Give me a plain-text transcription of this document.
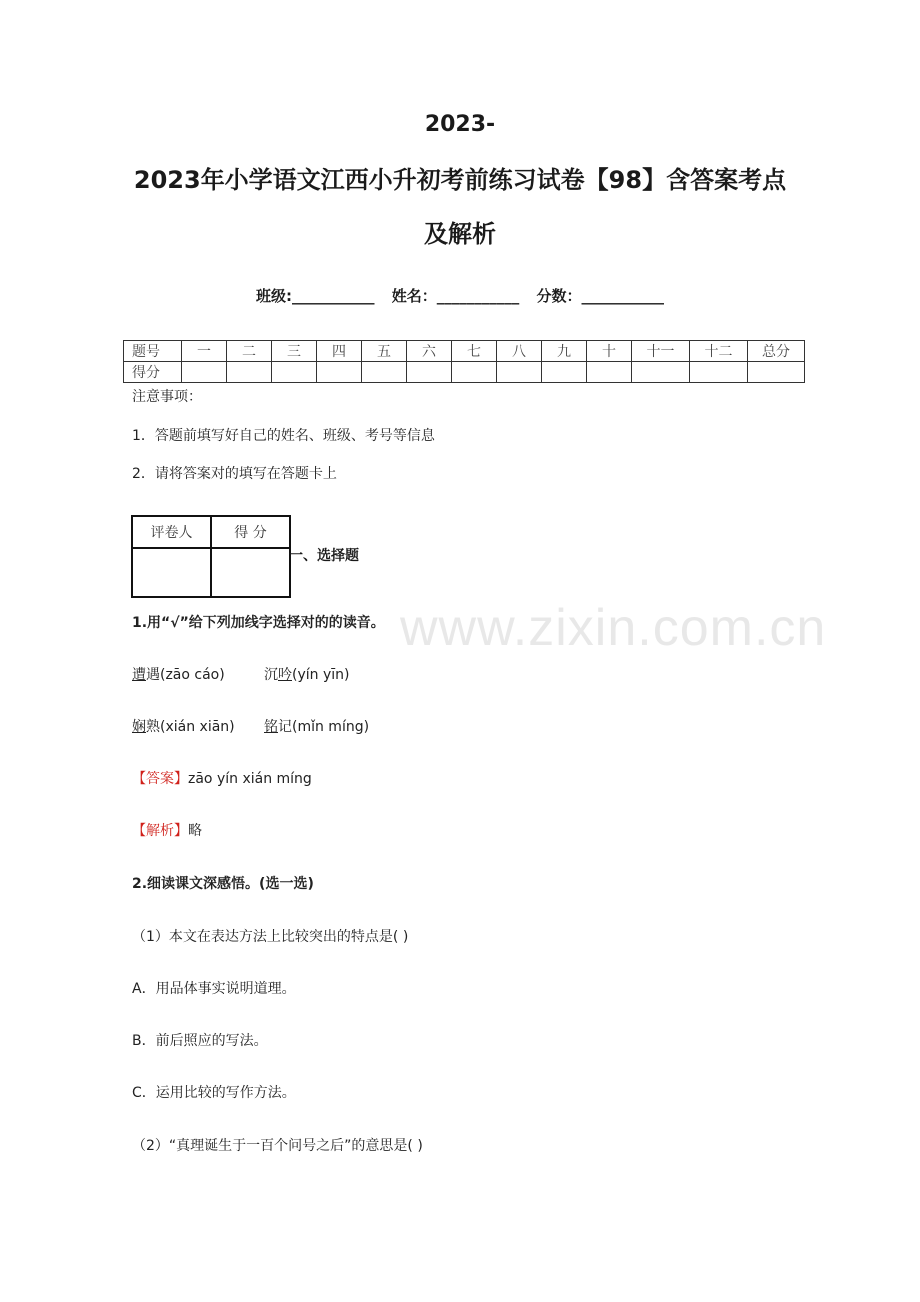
2023-
2023年小学语文江西小升初考前练习试卷【98】含答案考点
及解析
班级:___________ 姓名：___________ 分数：___________
题号	一	二	三	四	五	六	七	八	九	十	十一	十二	总分
得分													
注意事项：
1．答题前填写好自己的姓名、班级、考号等信息
2．请将答案对的填写在答题卡上
评卷人	得 分

一、选择题
www.zixin.com.cn
1.用“√”给下列加线字选择对的的读音。
遭遇(zāo cáo)	沉吟(yín yīn)
娴熟(xián xiān) 铭记(mǐn míng)
【答案】zāo yín xián míng
【解析】略
2.细读课文深感悟。(选一选)
（1）本文在表达方法上比较突出的特点是( )
A．用品体事实说明道理。
B．前后照应的写法。
C．运用比较的写作方法。
（2）“真理诞生于一百个问号之后”的意思是( )
